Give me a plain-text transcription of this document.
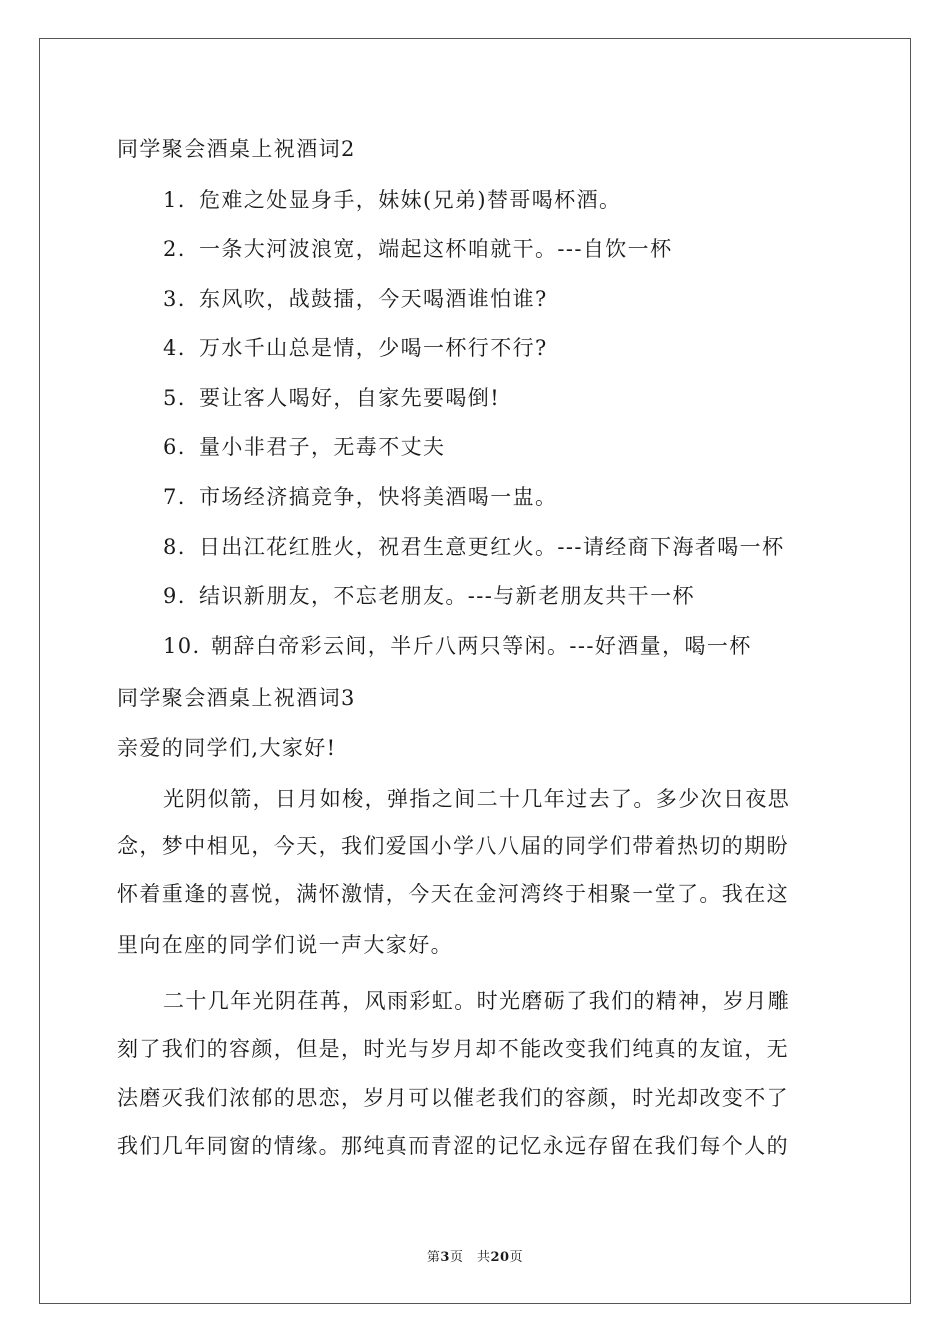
同学聚会酒桌上祝酒词2
1. 危难之处显身手，妹妹(兄弟)替哥喝杯酒。
2. 一条大河波浪宽，端起这杯咱就干。---自饮一杯
3. 东风吹，战鼓擂，今天喝酒谁怕谁?
4. 万水千山总是情，少喝一杯行不行?
5. 要让客人喝好，自家先要喝倒!
6. 量小非君子，无毒不丈夫
7. 市场经济搞竞争，快将美酒喝一盅。
8. 日出江花红胜火，祝君生意更红火。---请经商下海者喝一杯
9. 结识新朋友，不忘老朋友。---与新老朋友共干一杯
10. 朝辞白帝彩云间，半斤八两只等闲。---好酒量，喝一杯
同学聚会酒桌上祝酒词3
亲爱的同学们,大家好!
光阴似箭，日月如梭，弹指之间二十几年过去了。多少次日夜思
念，梦中相见，今天，我们爱国小学八八届的同学们带着热切的期盼
怀着重逢的喜悦，满怀激情，今天在金河湾终于相聚一堂了。我在这
里向在座的同学们说一声大家好。
二十几年光阴荏苒，风雨彩虹。时光磨砺了我们的精神，岁月雕
刻了我们的容颜，但是，时光与岁月却不能改变我们纯真的友谊，无
法磨灭我们浓郁的思恋，岁月可以催老我们的容颜，时光却改变不了
我们几年同窗的情缘。那纯真而青涩的记忆永远存留在我们每个人的
第3页　共20页
